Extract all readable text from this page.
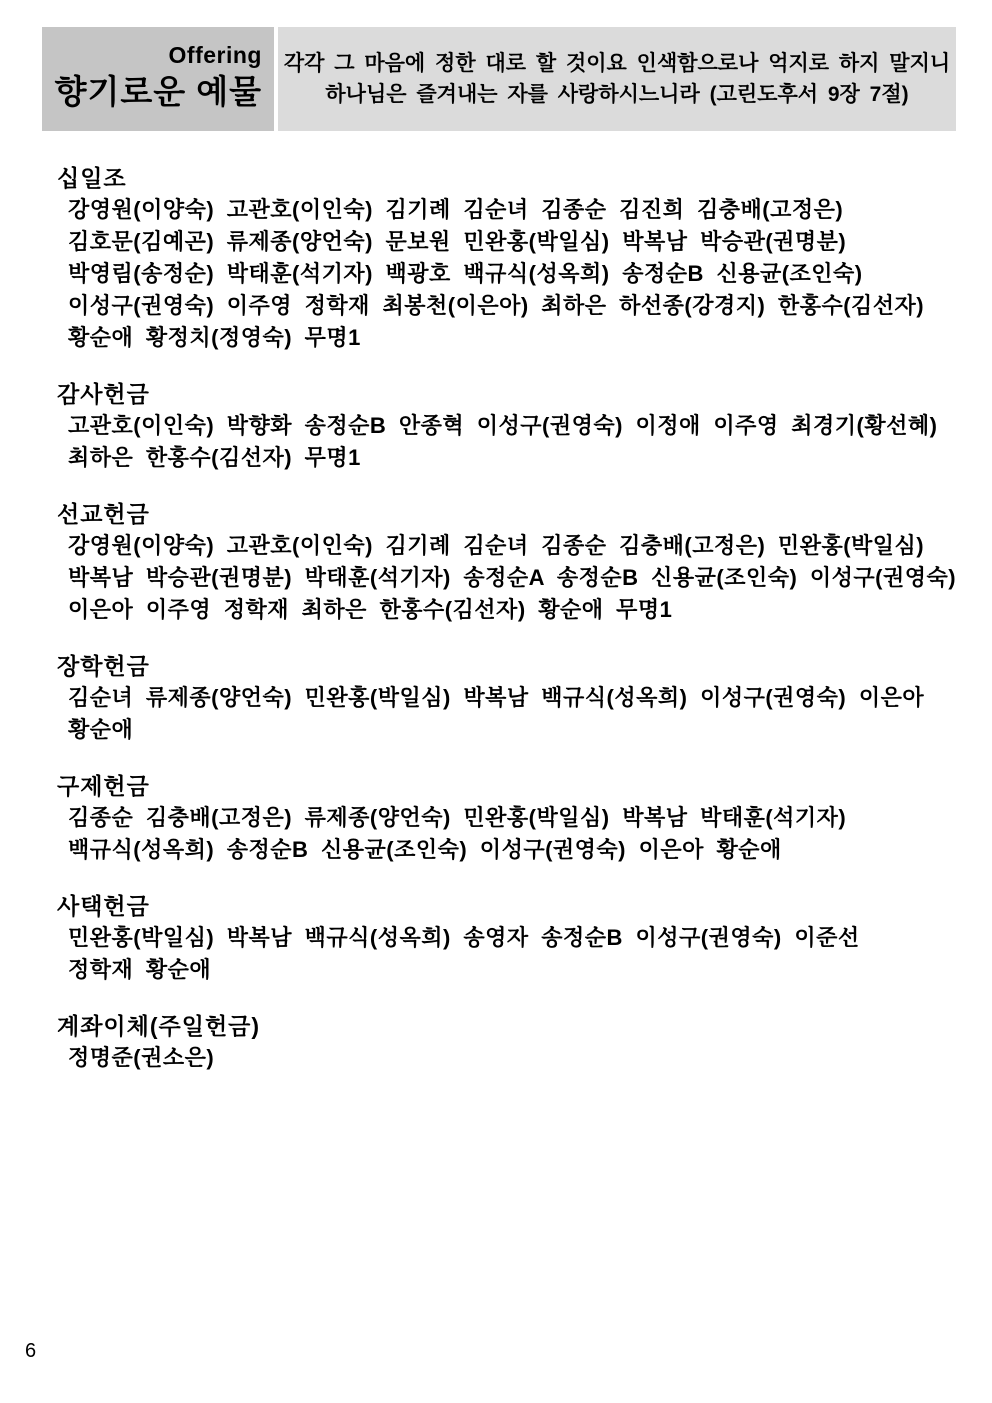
Offering
향기로운 예물
각각 그 마음에 정한 대로 할 것이요 인색함으로나 억지로 하지 말지니
하나님은 즐겨내는 자를 사랑하시느니라 (고린도후서 9장 7절)
십일조
강영원(이양숙) 고관호(이인숙) 김기례 김순녀 김종순 김진희 김충배(고정은)
김호문(김예곤) 류제종(양언숙) 문보원 민완홍(박일심) 박복남 박승관(권명분)
박영림(송정순) 박태훈(석기자) 백광호 백규식(성옥희) 송정순B 신용균(조인숙)
이성구(권영숙) 이주영 정학재 최봉천(이은아) 최하은 하선종(강경지) 한홍수(김선자)
황순애 황정치(정영숙) 무명1
감사헌금
고관호(이인숙) 박향화 송정순B 안종혁 이성구(권영숙) 이정애 이주영 최경기(황선혜)
최하은 한홍수(김선자) 무명1
선교헌금
강영원(이양숙) 고관호(이인숙) 김기례 김순녀 김종순 김충배(고정은) 민완홍(박일심)
박복남 박승관(권명분) 박태훈(석기자) 송정순A 송정순B 신용균(조인숙) 이성구(권영숙)
이은아 이주영 정학재 최하은 한홍수(김선자) 황순애 무명1
장학헌금
김순녀 류제종(양언숙) 민완홍(박일심) 박복남 백규식(성옥희) 이성구(권영숙) 이은아
황순애
구제헌금
김종순 김충배(고정은) 류제종(양언숙) 민완홍(박일심) 박복남 박태훈(석기자)
백규식(성옥희) 송정순B 신용균(조인숙) 이성구(권영숙) 이은아 황순애
사택헌금
민완홍(박일심) 박복남 백규식(성옥희) 송영자 송정순B 이성구(권영숙) 이준선
정학재 황순애
계좌이체(주일헌금)
정명준(권소은)
6
